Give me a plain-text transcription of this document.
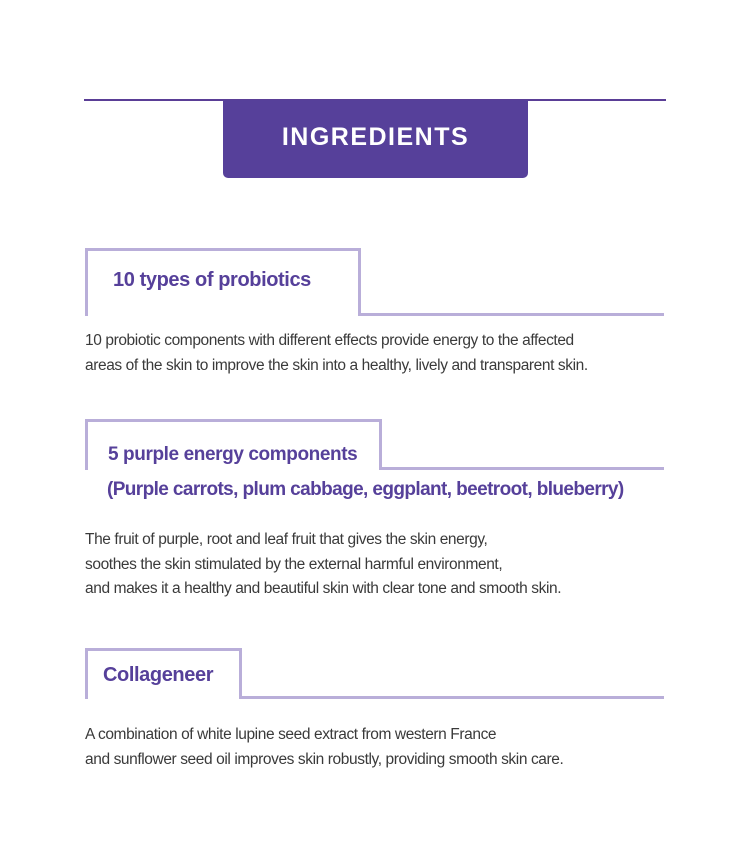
INGREDIENTS
10 types of probiotics
10 probiotic components with different effects provide energy to the affected
areas of the skin to improve the skin into a healthy, lively and transparent skin.
5 purple energy components
(Purple carrots, plum cabbage, eggplant, beetroot, blueberry)
The fruit of purple, root and leaf fruit that gives the skin energy,
soothes the skin stimulated by the external harmful environment,
and makes it a healthy and beautiful skin with clear tone and smooth skin.
Collageneer
A combination of white lupine seed extract from western France
and sunflower seed oil improves skin robustly, providing smooth skin care.
